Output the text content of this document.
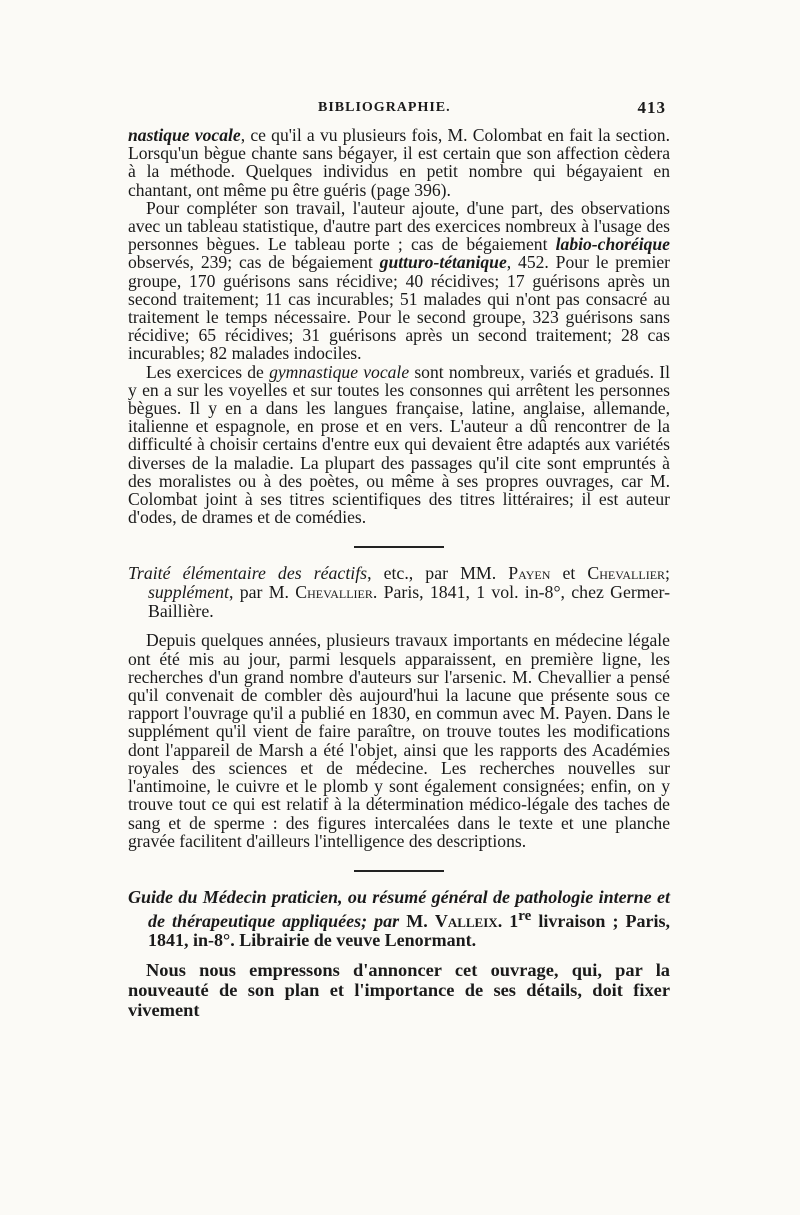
BIBLIOGRAPHIE.	413

nastique vocale, ce qu'il a vu plusieurs fois, M. Colombat en fait la section. Lorsqu'un bègue chante sans bégayer, il est certain que son affection cèdera à la méthode. Quelques individus en petit nombre qui bégayaient en chantant, ont même pu être guéris (page 396).

Pour compléter son travail, l'auteur ajoute, d'une part, des observations avec un tableau statistique, d'autre part des exercices nombreux à l'usage des personnes bègues. Le tableau porte ; cas de bégaiement labio-choréique observés, 239; cas de bégaiement gutturo-tétanique, 452. Pour le premier groupe, 170 guérisons sans récidive; 40 récidives; 17 guérisons après un second traitement; 11 cas incurables; 51 malades qui n'ont pas consacré au traitement le temps nécessaire. Pour le second groupe, 323 guérisons sans récidive; 65 récidives; 31 guérisons après un second traitement; 28 cas incurables; 82 malades indociles.

Les exercices de gymnastique vocale sont nombreux, variés et gradués. Il y en a sur les voyelles et sur toutes les consonnes qui arrêtent les personnes bègues. Il y en a dans les langues française, latine, anglaise, allemande, italienne et espagnole, en prose et en vers. L'auteur a dû rencontrer de la difficulté à choisir certains d'entre eux qui devaient être adaptés aux variétés diverses de la maladie. La plupart des passages qu'il cite sont empruntés à des moralistes ou à des poètes, ou même à ses propres ouvrages, car M. Colombat joint à ses titres scientifiques des titres littéraires; il est auteur d'odes, de drames et de comédies.

Traité élémentaire des réactifs, etc., par MM. Payen et Chevallier; supplément, par M. Chevallier. Paris, 1841, 1 vol. in-8°, chez Germer-Baillière.

Depuis quelques années, plusieurs travaux importants en médecine légale ont été mis au jour, parmi lesquels apparaissent, en première ligne, les recherches d'un grand nombre d'auteurs sur l'arsenic. M. Chevallier a pensé qu'il convenait de combler dès aujourd'hui la lacune que présente sous ce rapport l'ouvrage qu'il a publié en 1830, en commun avec M. Payen. Dans le supplément qu'il vient de faire paraître, on trouve toutes les modifications dont l'appareil de Marsh a été l'objet, ainsi que les rapports des Académies royales des sciences et de médecine. Les recherches nouvelles sur l'antimoine, le cuivre et le plomb y sont également consignées; enfin, on y trouve tout ce qui est relatif à la détermination médico-légale des taches de sang et de sperme : des figures intercalées dans le texte et une planche gravée facilitent d'ailleurs l'intelligence des descriptions.

Guide du Médecin praticien, ou résumé général de pathologie interne et de thérapeutique appliquées; par M. Valleix. 1re livraison ; Paris, 1841, in-8°. Librairie de veuve Lenormant.

Nous nous empressons d'annoncer cet ouvrage, qui, par la nouveauté de son plan et l'importance de ses détails, doit fixer vivement
